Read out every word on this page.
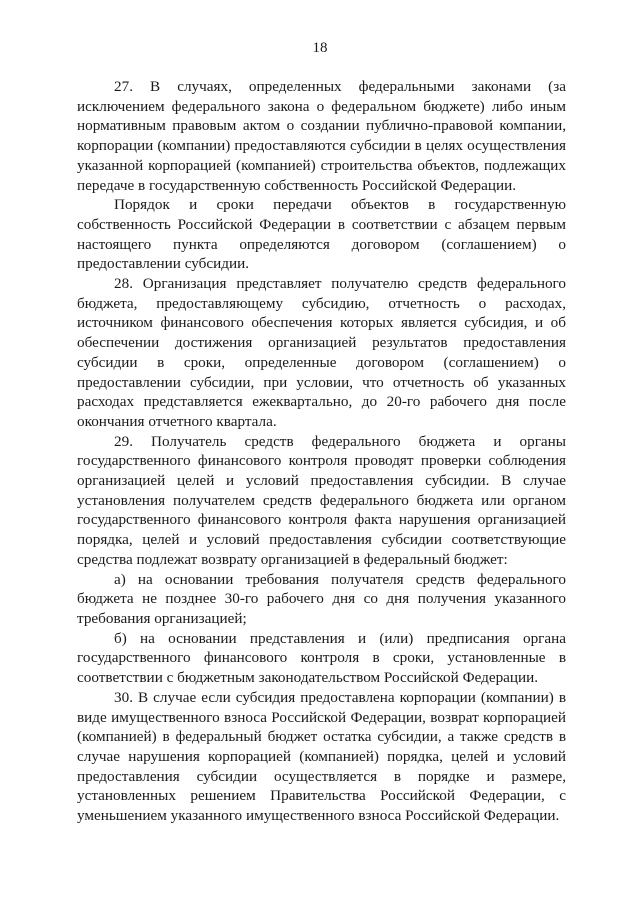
18

27. В случаях, определенных федеральными законами (за исключением федерального закона о федеральном бюджете) либо иным нормативным правовым актом о создании публично-правовой компании, корпорации (компании) предоставляются субсидии в целях осуществления указанной корпорацией (компанией) строительства объектов, подлежащих передаче в государственную собственность Российской Федерации.

Порядок и сроки передачи объектов в государственную собственность Российской Федерации в соответствии с абзацем первым настоящего пункта определяются договором (соглашением) о предоставлении субсидии.

28. Организация представляет получателю средств федерального бюджета, предоставляющему субсидию, отчетность о расходах, источником финансового обеспечения которых является субсидия, и об обеспечении достижения организацией результатов предоставления субсидии в сроки, определенные договором (соглашением) о предоставлении субсидии, при условии, что отчетность об указанных расходах представляется ежеквартально, до 20-го рабочего дня после окончания отчетного квартала.

29. Получатель средств федерального бюджета и органы государственного финансового контроля проводят проверки соблюдения организацией целей и условий предоставления субсидии. В случае установления получателем средств федерального бюджета или органом государственного финансового контроля факта нарушения организацией порядка, целей и условий предоставления субсидии соответствующие средства подлежат возврату организацией в федеральный бюджет:

а) на основании требования получателя средств федерального бюджета не позднее 30-го рабочего дня со дня получения указанного требования организацией;

б) на основании представления и (или) предписания органа государственного финансового контроля в сроки, установленные в соответствии с бюджетным законодательством Российской Федерации.

30. В случае если субсидия предоставлена корпорации (компании) в виде имущественного взноса Российской Федерации, возврат корпорацией (компанией) в федеральный бюджет остатка субсидии, а также средств в случае нарушения корпорацией (компанией) порядка, целей и условий предоставления субсидии осуществляется в порядке и размере, установленных решением Правительства Российской Федерации, с уменьшением указанного имущественного взноса Российской Федерации.
